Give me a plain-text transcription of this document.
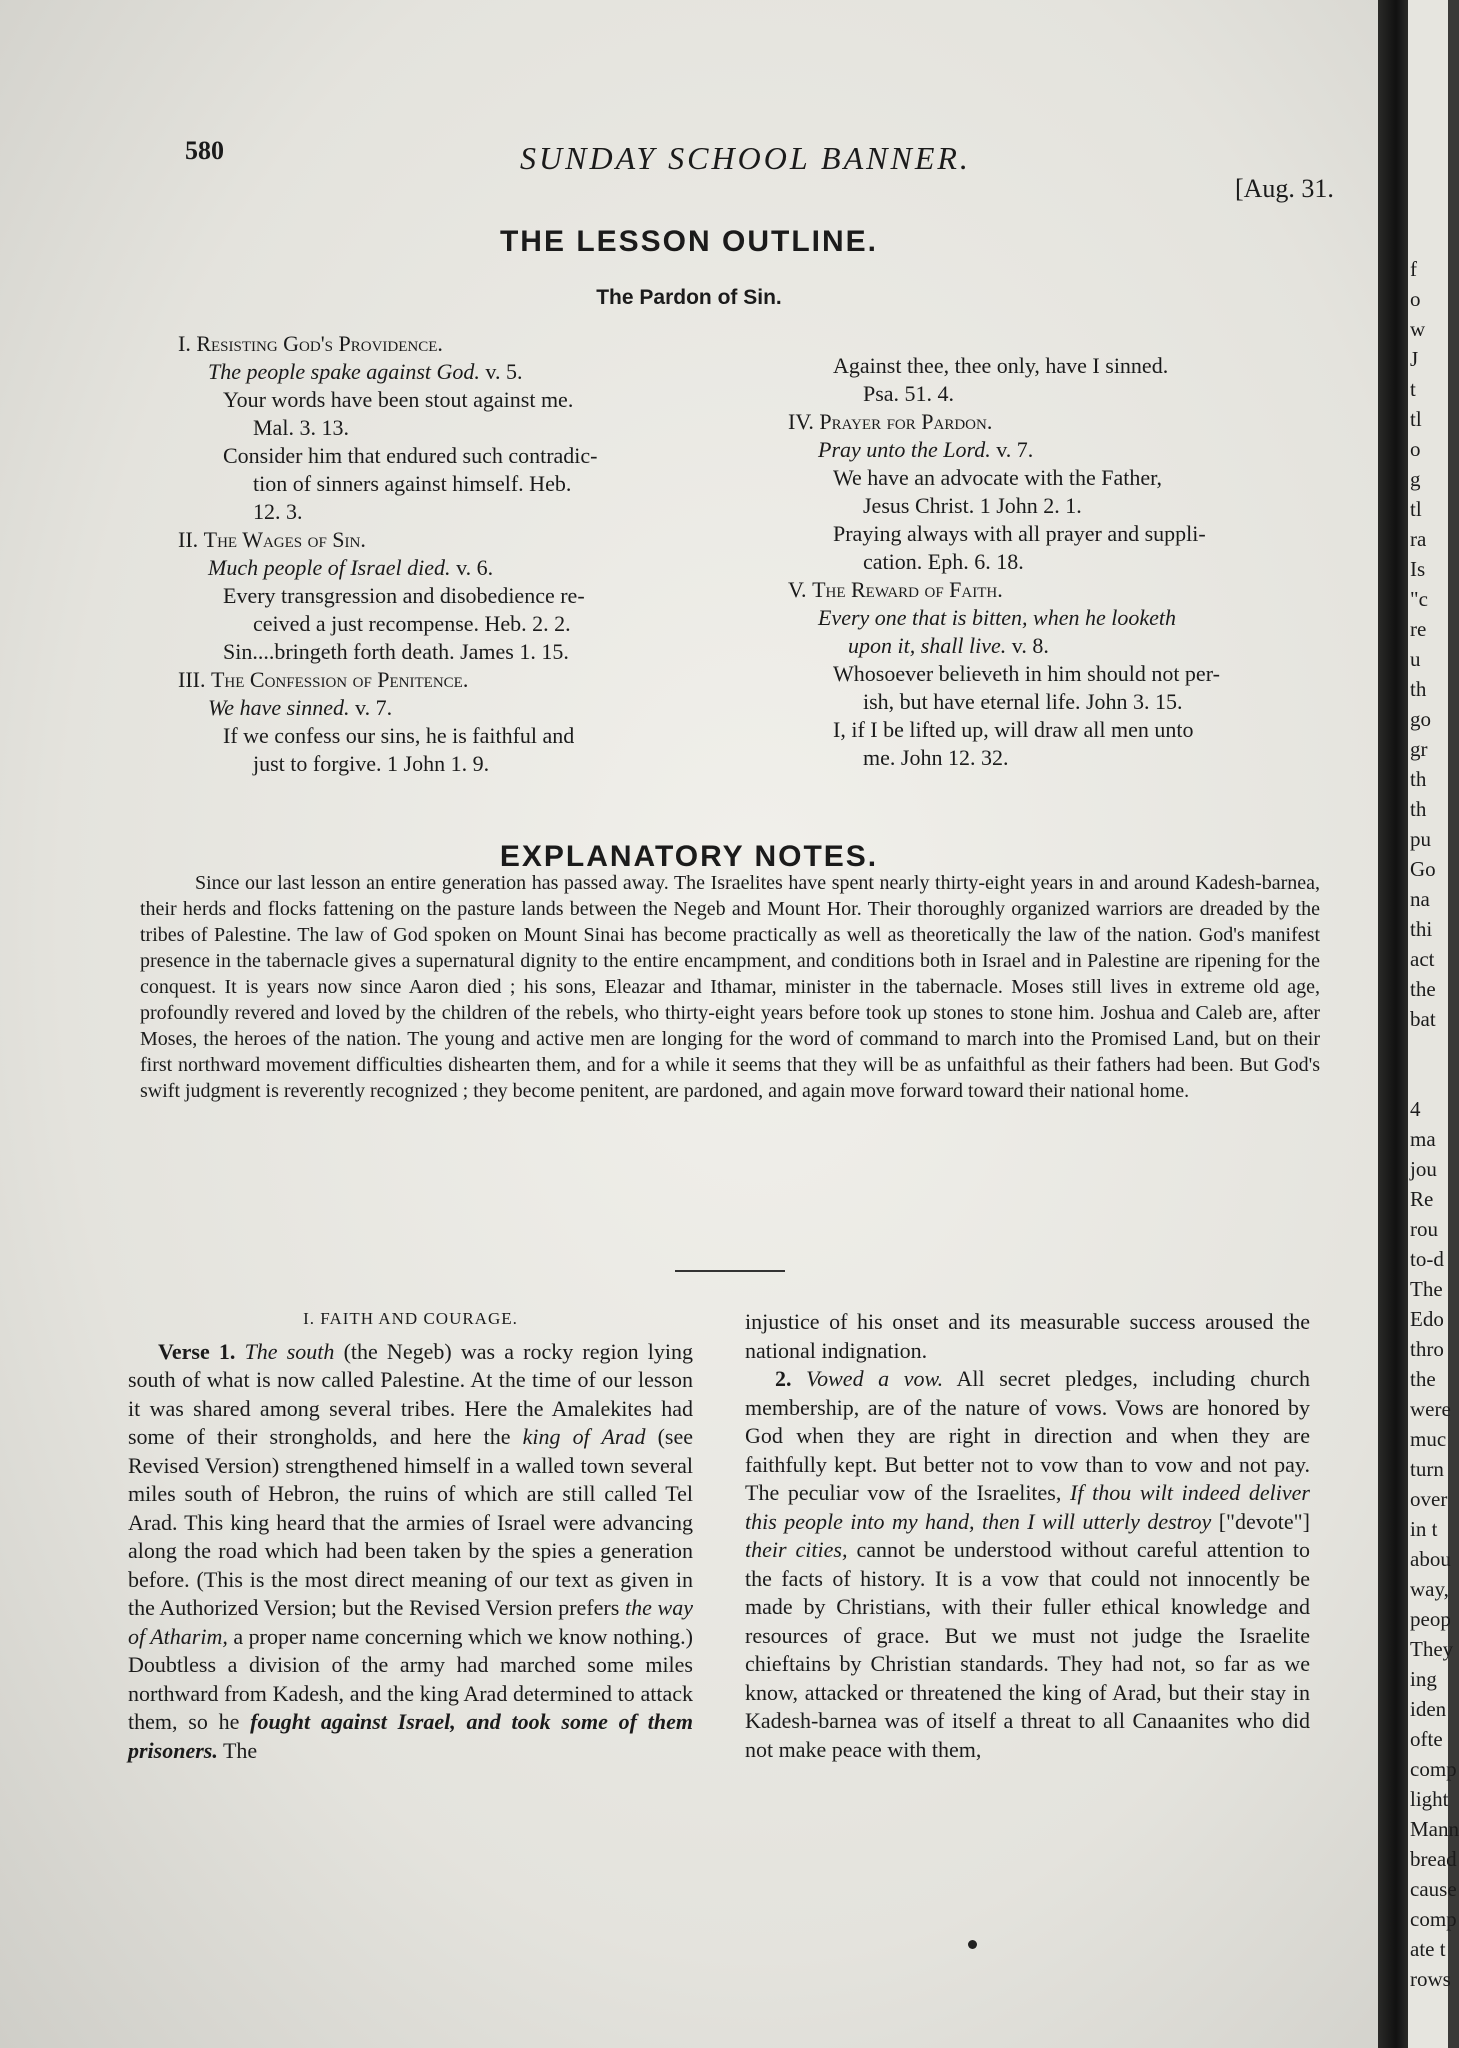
580	SUNDAY SCHOOL BANNER.
[Aug. 31.
THE LESSON OUTLINE.
The Pardon of Sin.
I. Resisting God's Providence.
The people spake against God. v. 5.
Your words have been stout against me.
Mal. 3. 13.
Consider him that endured such contradic-
tion of sinners against himself. Heb.
12. 3.
II. The Wages of Sin.
Much people of Israel died. v. 6.
Every transgression and disobedience re-
ceived a just recompense. Heb. 2. 2.
Sin....bringeth forth death. James 1. 15.
III. The Confession of Penitence.
We have sinned. v. 7.
If we confess our sins, he is faithful and
just to forgive. 1 John 1. 9.
Against thee, thee only, have I sinned.
Psa. 51. 4.
IV. Prayer for Pardon.
Pray unto the Lord. v. 7.
We have an advocate with the Father,
Jesus Christ. 1 John 2. 1.
Praying always with all prayer and suppli-
cation. Eph. 6. 18.
V. The Reward of Faith.
Every one that is bitten, when he looketh
upon it, shall live. v. 8.
Whosoever believeth in him should not per-
ish, but have eternal life. John 3. 15.
I, if I be lifted up, will draw all men unto
me. John 12. 32.
EXPLANATORY NOTES.

Since our last lesson an entire generation has passed away. The Israelites have spent nearly thirty-eight years in and around Kadesh-barnea, their herds and flocks fattening on the pasture lands between the Negeb and Mount Hor. Their thoroughly organized warriors are dreaded by the tribes of Palestine. The law of God spoken on Mount Sinai has become practically as well as theoretically the law of the nation. God's manifest presence in the tabernacle gives a supernatural dignity to the entire encampment, and conditions both in Israel and in Palestine are ripening for the conquest. It is years now since Aaron died ; his sons, Eleazar and Ithamar, minister in the tabernacle. Moses still lives in extreme old age, profoundly revered and loved by the children of the rebels, who thirty-eight years before took up stones to stone him. Joshua and Caleb are, after Moses, the heroes of the nation. The young and active men are longing for the word of command to march into the Promised Land, but on their first northward movement difficulties dishearten them, and for a while it seems that they will be as unfaithful as their fathers had been. But God's swift judgment is reverently recognized ; they become penitent, are pardoned, and again move forward toward their national home.

I. FAITH AND COURAGE.

Verse 1. The south (the Negeb) was a rocky region lying south of what is now called Palestine. At the time of our lesson it was shared among several tribes. Here the Amalekites had some of their strongholds, and here the king of Arad (see Revised Version) strengthened himself in a walled town several miles south of Hebron, the ruins of which are still called Tel Arad. This king heard that the armies of Israel were advancing along the road which had been taken by the spies a generation before. (This is the most direct meaning of our text as given in the Authorized Version; but the Revised Version prefers the way of Atharim, a proper name concerning which we know nothing.) Doubtless a division of the army had marched some miles northward from Kadesh, and the king Arad determined to attack them, so he fought against Israel, and took some of them prisoners. The

injustice of his onset and its measurable success aroused the national indignation.
2. Vowed a vow. All secret pledges, including church membership, are of the nature of vows. Vows are honored by God when they are right in direction and when they are faithfully kept. But better not to vow than to vow and not pay. The peculiar vow of the Israelites, If thou wilt indeed deliver this people into my hand, then I will utterly destroy ["devote"] their cities, cannot be understood without careful attention to the facts of history. It is a vow that could not innocently be made by Christians, with their fuller ethical knowledge and resources of grace. But we must not judge the Israelite chieftains by Christian standards. They had not, so far as we know, attacked or threatened the king of Arad, but their stay in Kadesh-barnea was of itself a threat to all Canaanites who did not make peace with them,

f
o
w
J
t
tl
o
g
tl
ra
Is
"c
re
u
th
go
gr
th
th
pu
Go
na
thi
act
the
bat
4
ma
jou
Re
rou
to-d
The
Edo
thro
the
were
muc
turn
over
in t
abou
way,
peop
They
ing
iden
ofte
comp
light
Mann
bread
cause
comp
ate t
rows
